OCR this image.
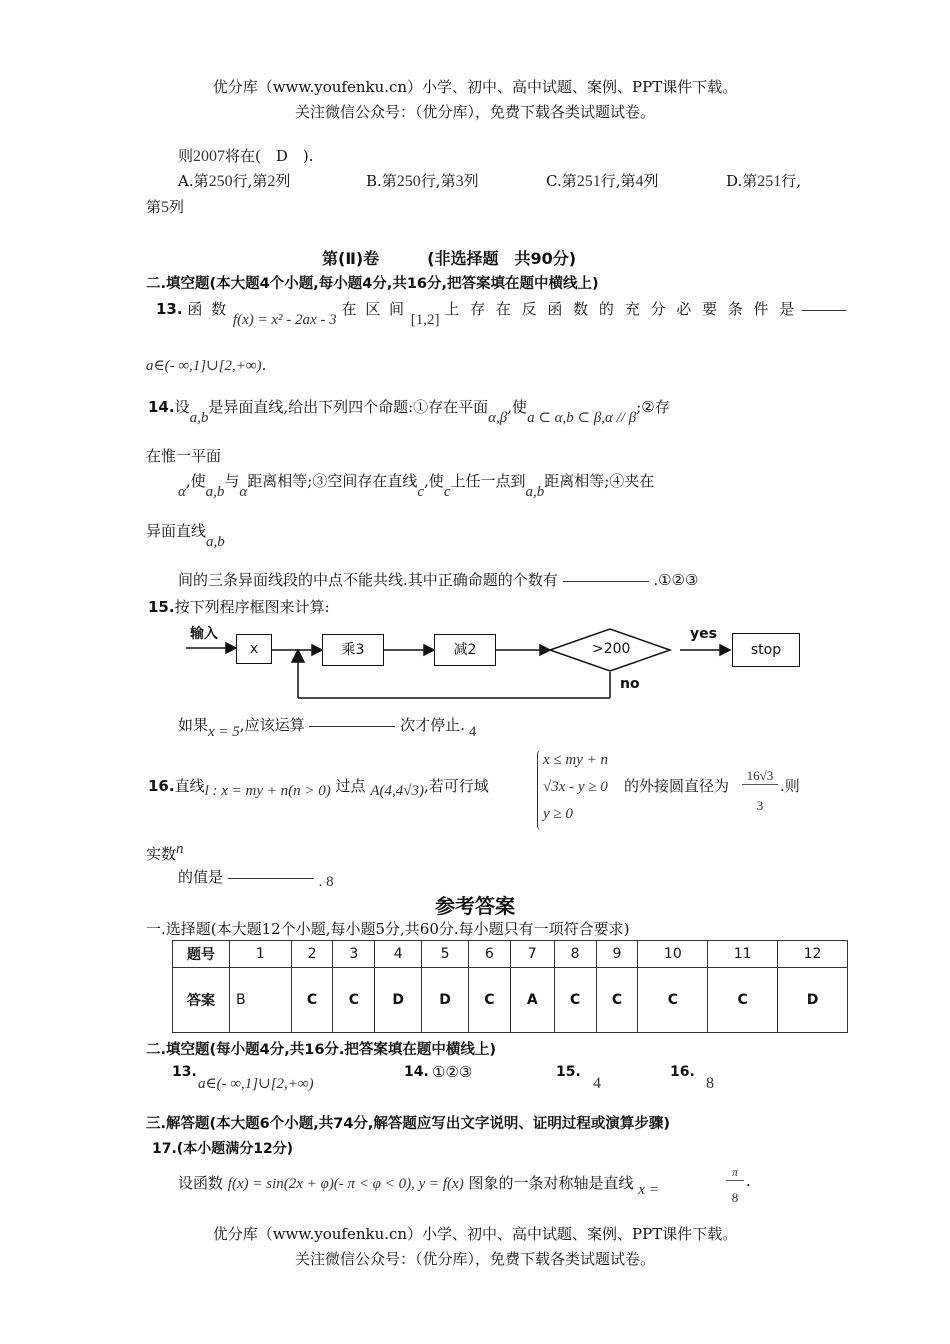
优分库（www.youfenku.cn）小学、初中、高中试题、案例、PPT课件下载。
关注微信公众号：（优分库），免费下载各类试题试卷。
则2007将在(　D　).
A.第250行,第2列	B.第250行,第3列	C.第251行,第4列	D.第251行,
第5列
第(Ⅱ)卷　　　(非选择题　共90分)
二.填空题(本大题4个小题,每小题4分,共16分,把答案填在题中横线上)
13. 函 数 f(x) = x² - 2ax - 3 在 区 间 [1,2] 上 存 在 反 函 数 的 充 分 必 要 条 件 是
a∈(- ∞,1]∪[2,+∞).
14.设a,b是异面直线,给出下列四个命题:①存在平面α,β,使a ⊂ α,b ⊂ β,α // β;②存
在惟一平面
α,使a,b与α距离相等;③空间存在直线c,使c上任一点到a,b距离相等;④夹在
异面直线a,b
间的三条异面线段的中点不能共线.其中正确命题的个数有	.①②③
15.按下列程序框图来计算:
输入
x	乘3	减2	>200
yes
stop
no
如果x = 5,应该运算	次才停止. 4
16.直线l : x = my + n(n > 0) 过点 A(4,4√3),若可行域
x ≤ my + n
√3x - y ≥ 0
y ≥ 0
的外接圆直径为
16√3
3
.则
实数n
的值是	. 8
参考答案
一.选择题(本大题12个小题,每小题5分,共60分.每小题只有一项符合要求)
题号	1	2	3	4	5	6	7	8	9	10	11	12
答案	B	C	C	D	D	C	A	C	C	C	C	D
二.填空题(每小题4分,共16分.把答案填在题中横线上)
13.
a∈(- ∞,1]∪[2,+∞)
14. ①②③	15.
4
16.
8
三.解答题(本大题6个小题,共74分,解答题应写出文字说明、证明过程或演算步骤)
17.(本小题满分12分)
设函数 f(x) = sin(2x + φ)(- π < φ < 0), y = f(x) 图象的一条对称轴是直线 x =
π
8
.
优分库（www.youfenku.cn）小学、初中、高中试题、案例、PPT课件下载。
关注微信公众号：（优分库），免费下载各类试题试卷。
